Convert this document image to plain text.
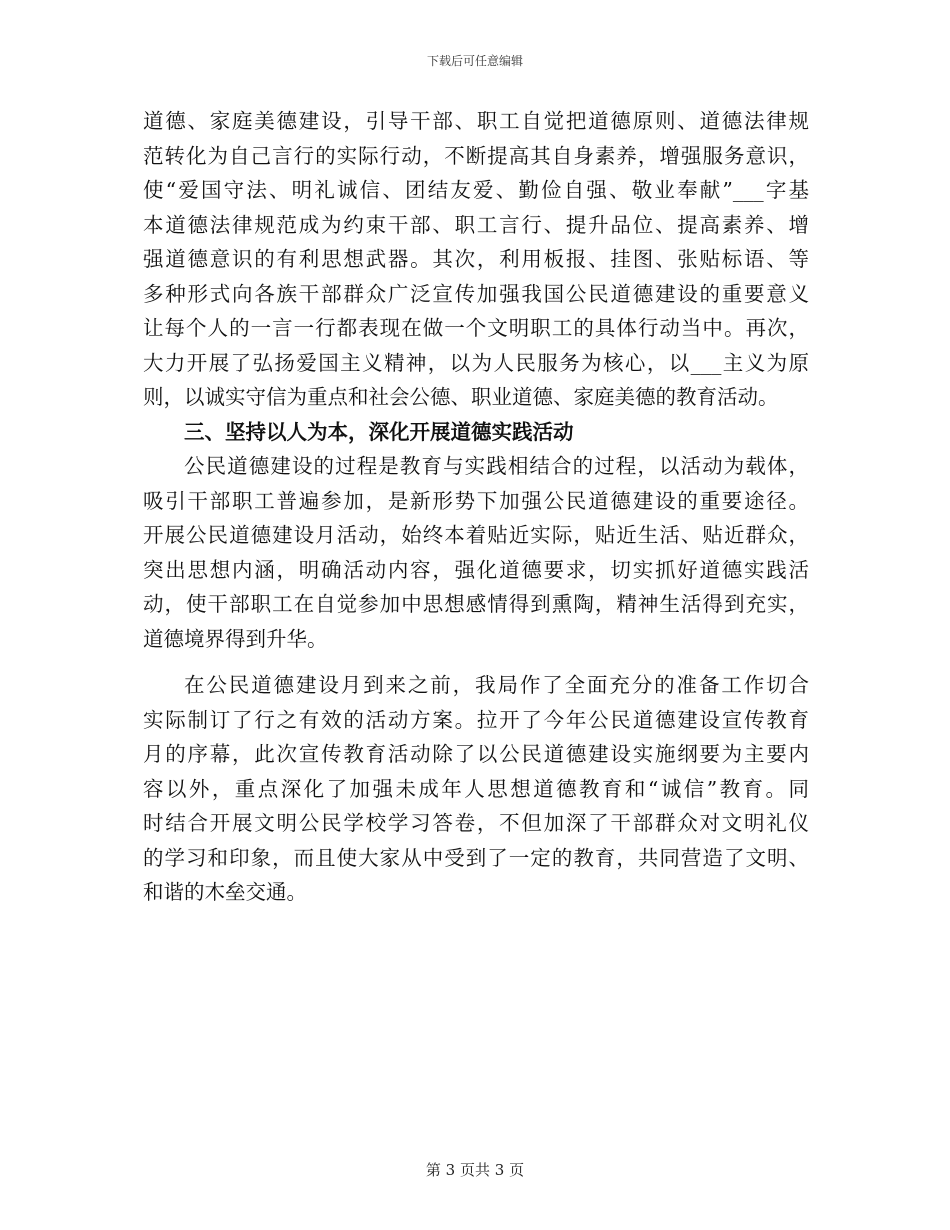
下载后可任意编辑
道德、家庭美德建设，引导干部、职工自觉把道德原则、道德法律规
范转化为自己言行的实际行动，不断提高其自身素养，增强服务意识，
使“爱国守法、明礼诚信、团结友爱、勤俭自强、敬业奉献”___字基
本道德法律规范成为约束干部、职工言行、提升品位、提高素养、增
强道德意识的有利思想武器。其次，利用板报、挂图、张贴标语、等
多种形式向各族干部群众广泛宣传加强我国公民道德建设的重要意义
让每个人的一言一行都表现在做一个文明职工的具体行动当中。再次，
大力开展了弘扬爱国主义精神，以为人民服务为核心，以___主义为原
则，以诚实守信为重点和社会公德、职业道德、家庭美德的教育活动。
三、坚持以人为本，深化开展道德实践活动
公民道德建设的过程是教育与实践相结合的过程，以活动为载体，
吸引干部职工普遍参加，是新形势下加强公民道德建设的重要途径。
开展公民道德建设月活动，始终本着贴近实际，贴近生活、贴近群众，
突出思想内涵，明确活动内容，强化道德要求，切实抓好道德实践活
动，使干部职工在自觉参加中思想感情得到熏陶，精神生活得到充实，
道德境界得到升华。
在公民道德建设月到来之前，我局作了全面充分的准备工作切合
实际制订了行之有效的活动方案。拉开了今年公民道德建设宣传教育
月的序幕，此次宣传教育活动除了以公民道德建设实施纲要为主要内
容以外，重点深化了加强未成年人思想道德教育和“诚信”教育。同
时结合开展文明公民学校学习答卷，不但加深了干部群众对文明礼仪
的学习和印象，而且使大家从中受到了一定的教育，共同营造了文明、
和谐的木垒交通。
第 3 页共 3 页
